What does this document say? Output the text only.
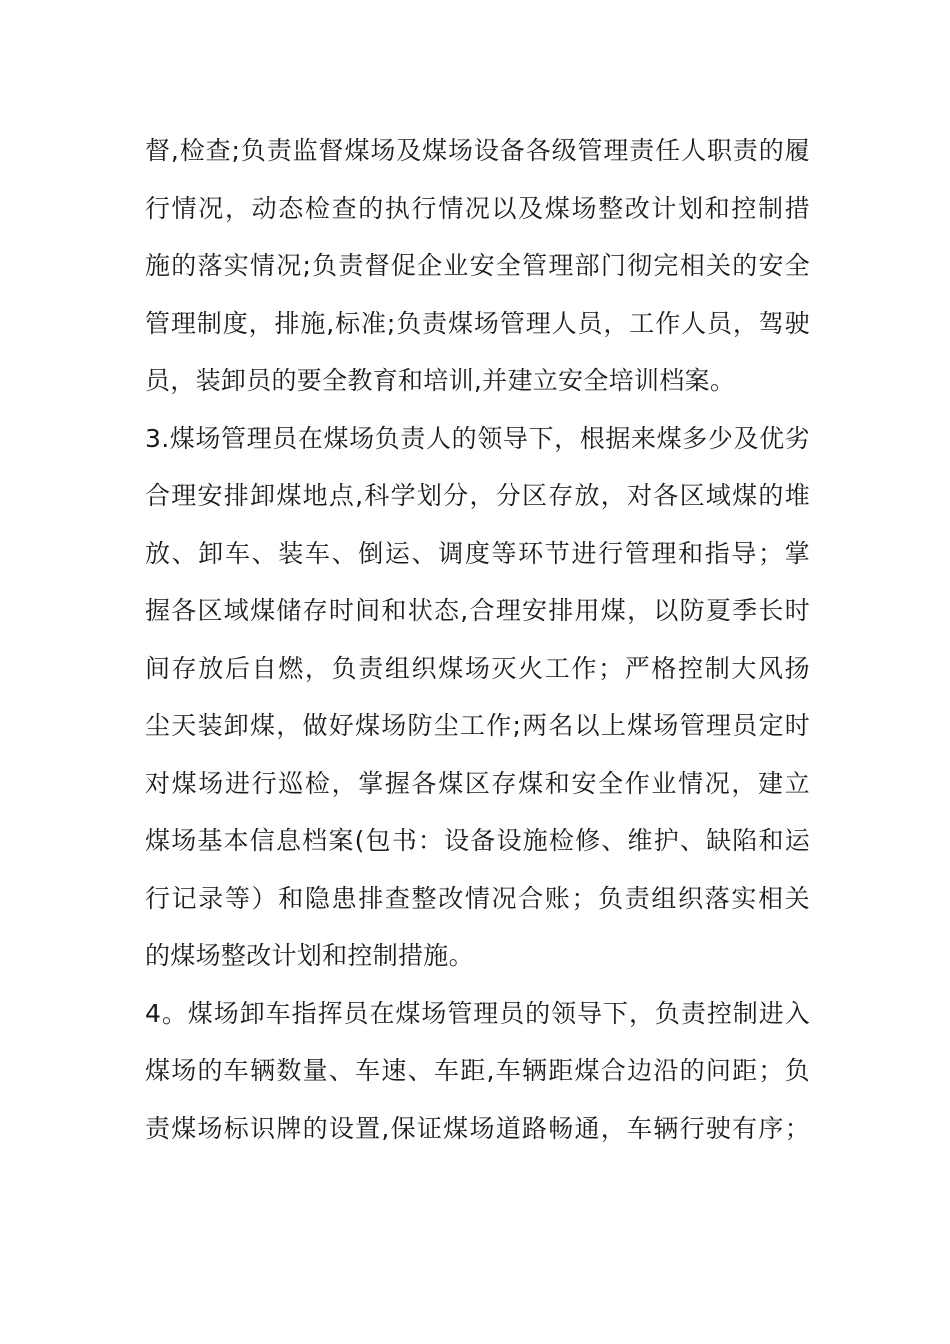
督,检查;负责监督煤场及煤场设备各级管理责任人职责的履
行情况，动态检查的执行情况以及煤场整改计划和控制措
施的落实情况;负责督促企业安全管理部门彻完相关的安全
管理制度，排施,标准;负责煤场管理人员，工作人员，驾驶
员，装卸员的要全教育和培训,并建立安全培训档案。
3.煤场管理员在煤场负责人的领导下，根据来煤多少及优劣
合理安排卸煤地点,科学划分，分区存放，对各区域煤的堆
放、卸车、装车、倒运、调度等环节进行管理和指导；掌
握各区域煤储存时间和状态,合理安排用煤，以防夏季长时
间存放后自燃，负责组织煤场灭火工作；严格控制大风扬
尘天装卸煤，做好煤场防尘工作;两名以上煤场管理员定时
对煤场进行巡检，掌握各煤区存煤和安全作业情况，建立
煤场基本信息档案(包书：设备设施检修、维护、缺陷和运
行记录等）和隐患排查整改情况合账；负责组织落实相关
的煤场整改计划和控制措施。
4。煤场卸车指挥员在煤场管理员的领导下，负责控制进入
煤场的车辆数量、车速、车距,车辆距煤合边沿的问距；负
责煤场标识牌的设置,保证煤场道路畅通，车辆行驶有序；
